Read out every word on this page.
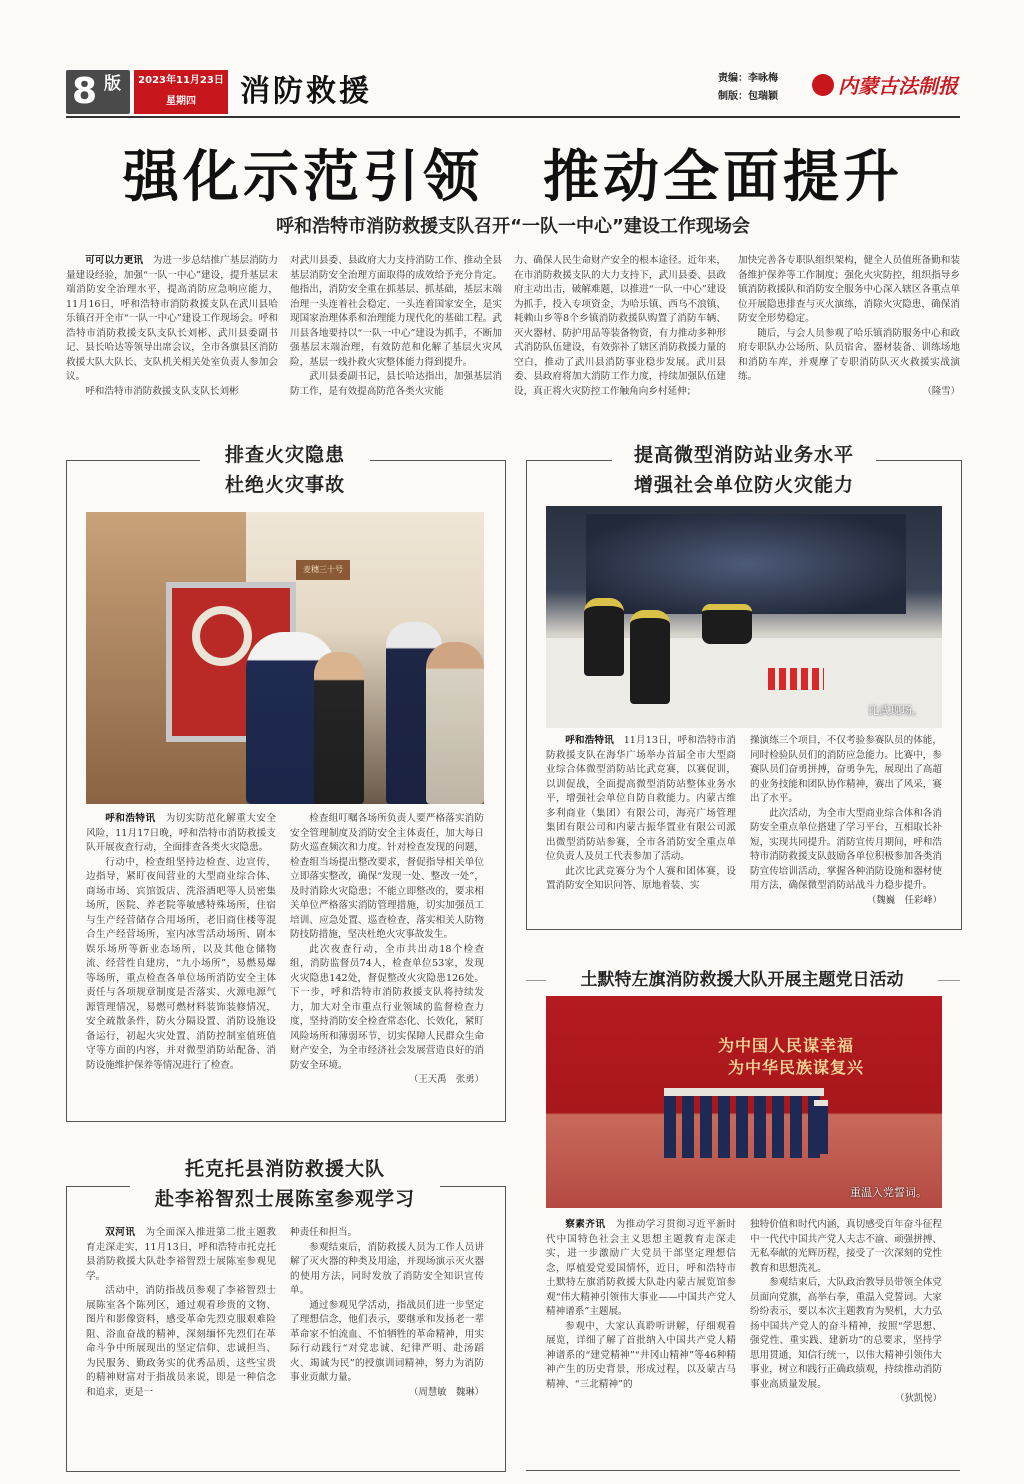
8 版	2023年11月23日
星期四	消防救援	责编：李咏梅
制版：包瑞颖	内蒙古法制报
强化示范引领　推动全面提升
呼和浩特市消防救援支队召开“一队一中心”建设工作现场会

可可以力更讯　 为进一步总结推广基层消防力量建设经验，加强“一队一中心”建设，提升基层末端消防安全治理水平，提高消防应急响应能力，11月16日，呼和浩特市消防救援支队在武川县哈乐镇召开全市“一队一中心”建设工作现场会。呼和浩特市消防救援支队支队长刘彬、武川县委副书记、县长哈达等领导出席会议，全市各旗县区消防救援大队大队长、支队机关相关处室负责人参加会议。

呼和浩特市消防救援支队支队长刘彬

对武川县委、县政府大力支持消防工作、推动全县基层消防安全治理方面取得的成效给予充分肯定。他指出，消防安全重在抓基层、抓基础，基层末端治理一头连着社会稳定、一头连着国家安全，是实现国家治理体系和治理能力现代化的基础工程。武川县各地要持以“一队一中心”建设为抓手，不断加强基层末端治理，有效防范和化解了基层火灾风险，基层一线扑救火灾整体能力得到提升。

武川县委副书记，县长哈达指出，加强基层消防工作，是有效提高防范各类火灾能

力、确保人民生命财产安全的根本途径。近年来，在市消防救援支队的大力支持下，武川县委、县政府主动出击，破解难题，以推进“一队一中心”建设为抓手，投入专项资金，为哈乐镇、西乌不浪镇、耗赖山乡等8个乡镇消防救援队购置了消防车辆、灭火器材、防护用品等装备物资，有力推动多种形式消防队伍建设，有效弥补了辖区消防救援力量的空白，推动了武川县消防事业稳步发展。武川县委、县政府将加大消防工作力度，持续加强队伍建设，真正将火灾防控工作触角向乡村延伸；

加快完善各专职队组织架构，健全人员值班备勤和装备维护保养等工作制度；强化火灾防控，组织指导乡镇消防救援队和消防安全服务中心深入辖区各重点单位开展隐患排查与灭火演练，消除火灾隐患，确保消防安全形势稳定。

随后，与会人员参观了哈乐镇消防服务中心和政府专职队办公场所、队员宿舍、器材装备、训练场地和消防车库，并观摩了专职消防队灭火救援实战演练。

（隆雪）
排查火灾隐患
杜绝火灾事故
麦穗三十号

呼和浩特讯　 为切实防范化解重大安全风险，11月17日晚，呼和浩特市消防救援支队开展夜查行动，全面排查各类火灾隐患。

行动中，检查组坚持边检查、边宣传，边指导，紧盯夜间营业的大型商业综合体、商场市场、宾馆饭店、洗浴酒吧等人员密集场所，医院、养老院等敏感特殊场所，住宿与生产经营储存合用场所，老旧商住楼等混合生产经营场所，室内冰雪活动场所、剧本娱乐场所等新业态场所，以及其他仓储物流、经营性自建房，“九小场所”，易燃易爆等场所，重点检查各单位场所消防安全主体责任与各项规章制度是否落实、火源电源气源管理情况，易燃可燃材料装饰装修情况，安全疏散条件，防火分隔设置、消防设施设备运行，初起火灾处置、消防控制室值班值守等方面的内容，并对微型消防站配备、消防设施维护保养等情况进行了检查。

检查组叮嘱各场所负责人要严格落实消防安全管理制度及消防安全主体责任，加大每日防火巡查频次和力度。针对检查发现的问题，检查组当场提出整改要求，督促指导相关单位立即落实整改，确保“发现一处、整改一处”，及时消除火灾隐患；不能立即整改的，要求相关单位严格落实消防管理措施，切实加强员工培训、应急处置、巡查检查，落实相关人防物防技防措施，坚决杜绝火灾事故发生。

此次夜查行动，全市共出动18个检查组，消防监督员74人，检查单位53家，发现火灾隐患142处，督促整改火灾隐患126处。下一步，呼和浩特市消防救援支队将持续发力，加大对全市重点行业领域的监督检查力度，坚持消防安全检查常态化、长效化，紧盯风险场所和薄弱环节，切实保障人民群众生命财产安全，为全市经济社会发展营造良好的消防安全环境。

（王天禹　张勇）
提高微型消防站业务水平
增强社会单位防火灾能力
比武现场。

呼和浩特讯　 11月13日，呼和浩特市消防救援支队在海华广场举办首届全市大型商业综合体微型消防站比武竞赛，以赛促训，以训促战，全面提高微型消防站整体业务水平，增强社会单位自防自救能力。内蒙古维多利商业（集团）有限公司，海亮广场管理集团有限公司和内蒙古振华置业有限公司派出微型消防站参赛，全市各消防安全重点单位负责人及员工代表参加了活动。

此次比武竞赛分为个人赛和团体赛，设置消防安全知识问答、原地着装、实

操演练三个项目，不仅考验参赛队员的体能，同时检验队员们的消防应急能力。比赛中，参赛队员们奋勇拼搏，奋勇争先，展现出了高超的业务技能和团队协作精神，赛出了风采，赛出了水平。

此次活动，为全市大型商业综合体和各消防安全重点单位搭建了学习平台，互相取长补短，实现共同提升。消防宣传月期间，呼和浩特市消防救援支队鼓励各单位积极参加各类消防宣传培训活动，掌握各种消防设施和器材使用方法，确保微型消防站战斗力稳步提升。

（魏巍　任彩峰）
土默特左旗消防救援大队开展主题党日活动
为中国人民谋幸福
为中华民族谋复兴
重温入党誓词。

察素齐讯　 为推动学习贯彻习近平新时代中国特色社会主义思想主题教育走深走实，进一步激励广大党员干部坚定理想信念，厚植爱党爱国情怀，近日，呼和浩特市土默特左旗消防救援大队赴内蒙古展览馆参观“伟大精神引领伟大事业——中国共产党人精神谱系”主题展。

参观中，大家认真聆听讲解，仔细观看展览，详细了解了首批纳入中国共产党人精神谱系的“建党精神”“井冈山精神”等46种精神产生的历史背景，形成过程，以及蒙古马精神、“三北精神”的

独特价值和时代内涵，真切感受百年奋斗征程中一代代中国共产党人夫志不渝、顽强拼搏、无私奉献的光辉历程，接受了一次深刻的党性教育和思想洗礼。

参观结束后，大队政治教导员带领全体党员面向党旗，高举右拳，重温入党誓词。大家纷纷表示，要以本次主题教育为契机，大力弘扬中国共产党人的奋斗精神，按照“学思想、强党性、重实践、建新功”的总要求，坚持学思用贯通，知信行统一，以伟大精神引领伟大事业，树立和践行正确政绩观，持续推动消防事业高质量发展。

（狄凯悦）
托克托县消防救援大队
赴李裕智烈士展陈室参观学习

双河讯　 为全面深入推进第二批主题教育走深走实，11月13日，呼和浩特市托克托县消防救援大队赴李裕智烈士展陈室参观见学。

活动中，消防指战员参观了李裕智烈士展陈室各个陈列区，通过观看珍贵的文物、图片和影像资料，感受革命先烈克服艰难险阻、浴血奋战的精神，深刻缅怀先烈们在革命斗争中所展现出的坚定信仰、忠诚担当、为民服务、勤政务实的优秀品质，这些宝贵的精神财富对于指战员来说，即是一种信念和追求，更是一

种责任和担当。

参观结束后，消防救援人员为工作人员讲解了灭火器的种类及用途，并现场演示灭火器的使用方法，同时发放了消防安全知识宣传单。

通过参观见学活动，指战员们进一步坚定了理想信念，他们表示，要继承和发扬老一辈革命家不怕流血、不怕牺牲的革命精神，用实际行动践行“对党忠诚、纪律严明、赴汤蹈火、竭诚为民”的授旗训词精神，努力为消防事业贡献力量。

（周慧敏　魏琳）
